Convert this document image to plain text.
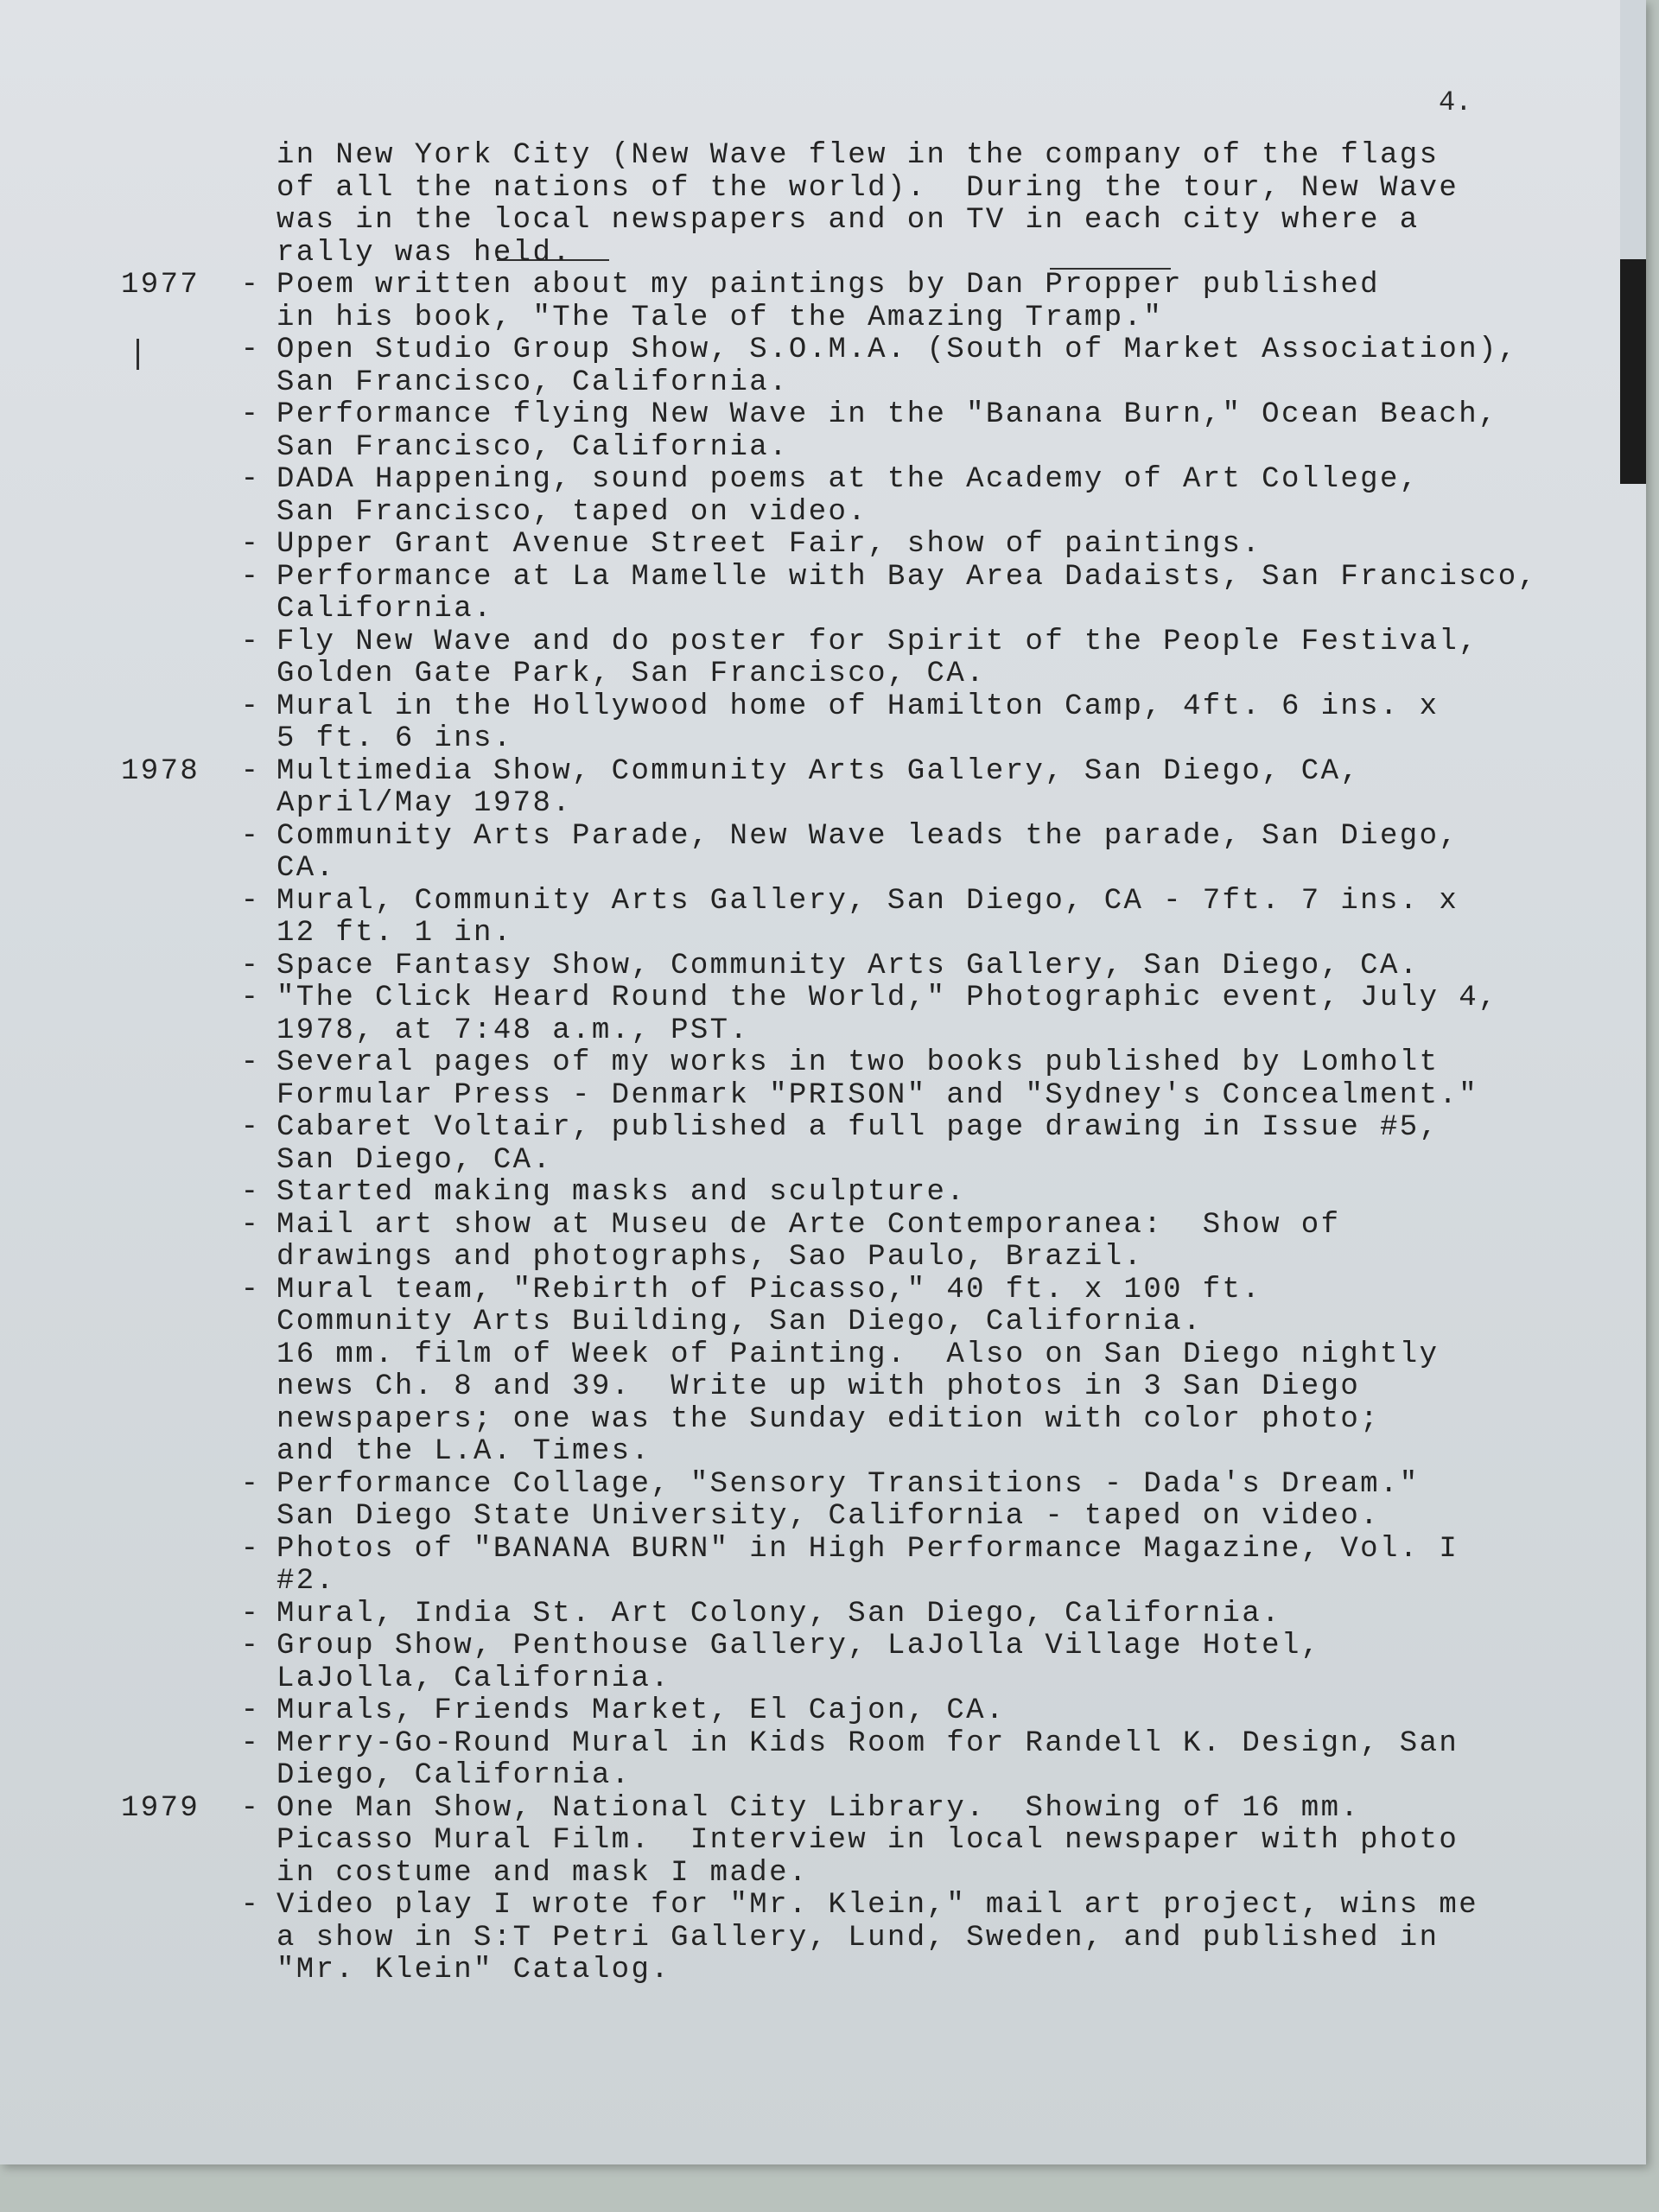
4.
in New York City (New Wave flew in the company of the flags
of all the nations of the world).  During the tour, New Wave
was in the local newspapers and on TV in each city where a
rally was held.
1977	- Poem written about my paintings by Dan Propper published
in his book, "The Tale of the Amazing Tramp."
- Open Studio Group Show, S.O.M.A. (South of Market Association),
San Francisco, California.
- Performance flying New Wave in the "Banana Burn," Ocean Beach,
San Francisco, California.
- DADA Happening, sound poems at the Academy of Art College,
San Francisco, taped on video.
- Upper Grant Avenue Street Fair, show of paintings.
- Performance at La Mamelle with Bay Area Dadaists, San Francisco,
California.
- Fly New Wave and do poster for Spirit of the People Festival,
Golden Gate Park, San Francisco, CA.
- Mural in the Hollywood home of Hamilton Camp, 4ft. 6 ins. x
5 ft. 6 ins.
1978	- Multimedia Show, Community Arts Gallery, San Diego, CA,
April/May 1978.
- Community Arts Parade, New Wave leads the parade, San Diego,
CA.
- Mural, Community Arts Gallery, San Diego, CA - 7ft. 7 ins. x
12 ft. 1 in.
- Space Fantasy Show, Community Arts Gallery, San Diego, CA.
- "The Click Heard Round the World," Photographic event, July 4,
1978, at 7:48 a.m., PST.
- Several pages of my works in two books published by Lomholt
Formular Press - Denmark "PRISON" and "Sydney's Concealment."
- Cabaret Voltair, published a full page drawing in Issue #5,
San Diego, CA.
- Started making masks and sculpture.
- Mail art show at Museu de Arte Contemporanea:  Show of
drawings and photographs, Sao Paulo, Brazil.
- Mural team, "Rebirth of Picasso," 40 ft. x 100 ft.
Community Arts Building, San Diego, California.
16 mm. film of Week of Painting.  Also on San Diego nightly
news Ch. 8 and 39.  Write up with photos in 3 San Diego
newspapers; one was the Sunday edition with color photo;
and the L.A. Times.
- Performance Collage, "Sensory Transitions - Dada's Dream."
San Diego State University, California - taped on video.
- Photos of "BANANA BURN" in High Performance Magazine, Vol. I
#2.
- Mural, India St. Art Colony, San Diego, California.
- Group Show, Penthouse Gallery, LaJolla Village Hotel,
LaJolla, California.
- Murals, Friends Market, El Cajon, CA.
- Merry-Go-Round Mural in Kids Room for Randell K. Design, San
Diego, California.
1979	- One Man Show, National City Library.  Showing of 16 mm.
Picasso Mural Film.  Interview in local newspaper with photo
in costume and mask I made.
- Video play I wrote for "Mr. Klein," mail art project, wins me
a show in S:T Petri Gallery, Lund, Sweden, and published in
"Mr. Klein" Catalog.
